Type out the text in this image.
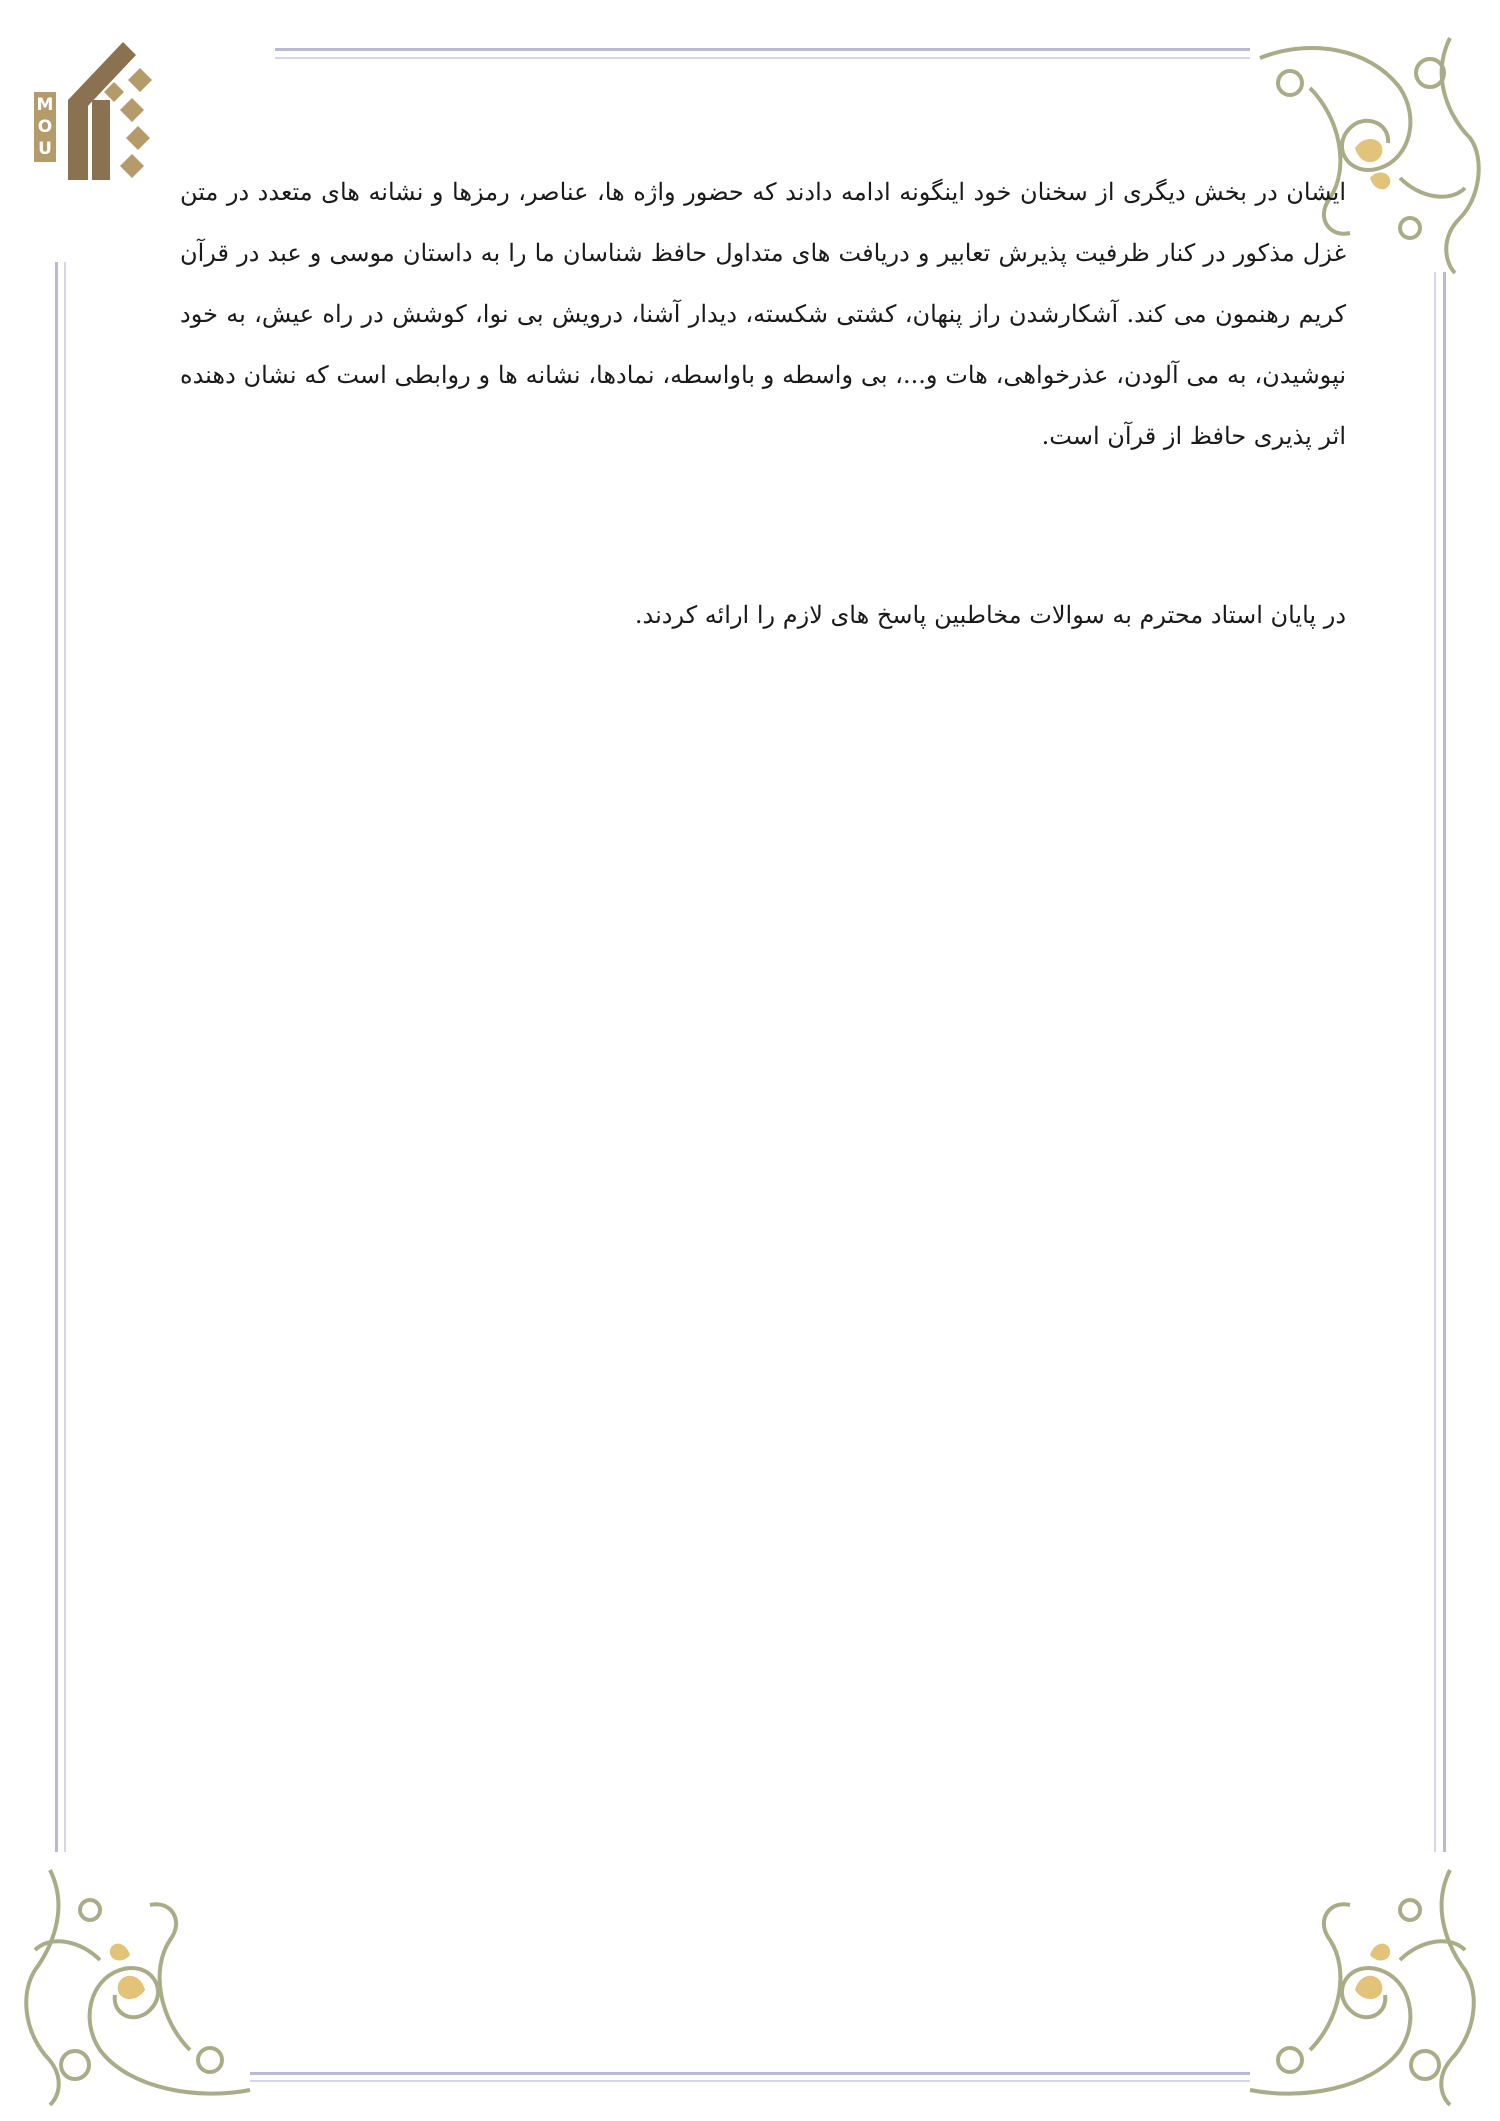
M
O
U

ایشان در بخش دیگری از سخنان خود اینگونه ادامه دادند که حضور واژه ها، عناصر، رمزها و نشانه های متعدد در متن غزل مذکور در کنار ظرفیت پذیرش تعابیر و دریافت های متداول حافظ شناسان ما را به داستان موسی و عبد در قرآن کریم رهنمون می کند. آشکارشدن راز پنهان، کشتی شکسته، دیدار آشنا، درویش بی نوا، کوشش در راه عیش، به خود نپوشیدن، به می آلودن، عذرخواهی، هات و...، بی واسطه و باواسطه، نمادها، نشانه ها و روابطی است که نشان دهنده اثر پذیری حافظ از قرآن است.

در پایان استاد محترم به سوالات مخاطبین پاسخ های لازم را ارائه کردند.
